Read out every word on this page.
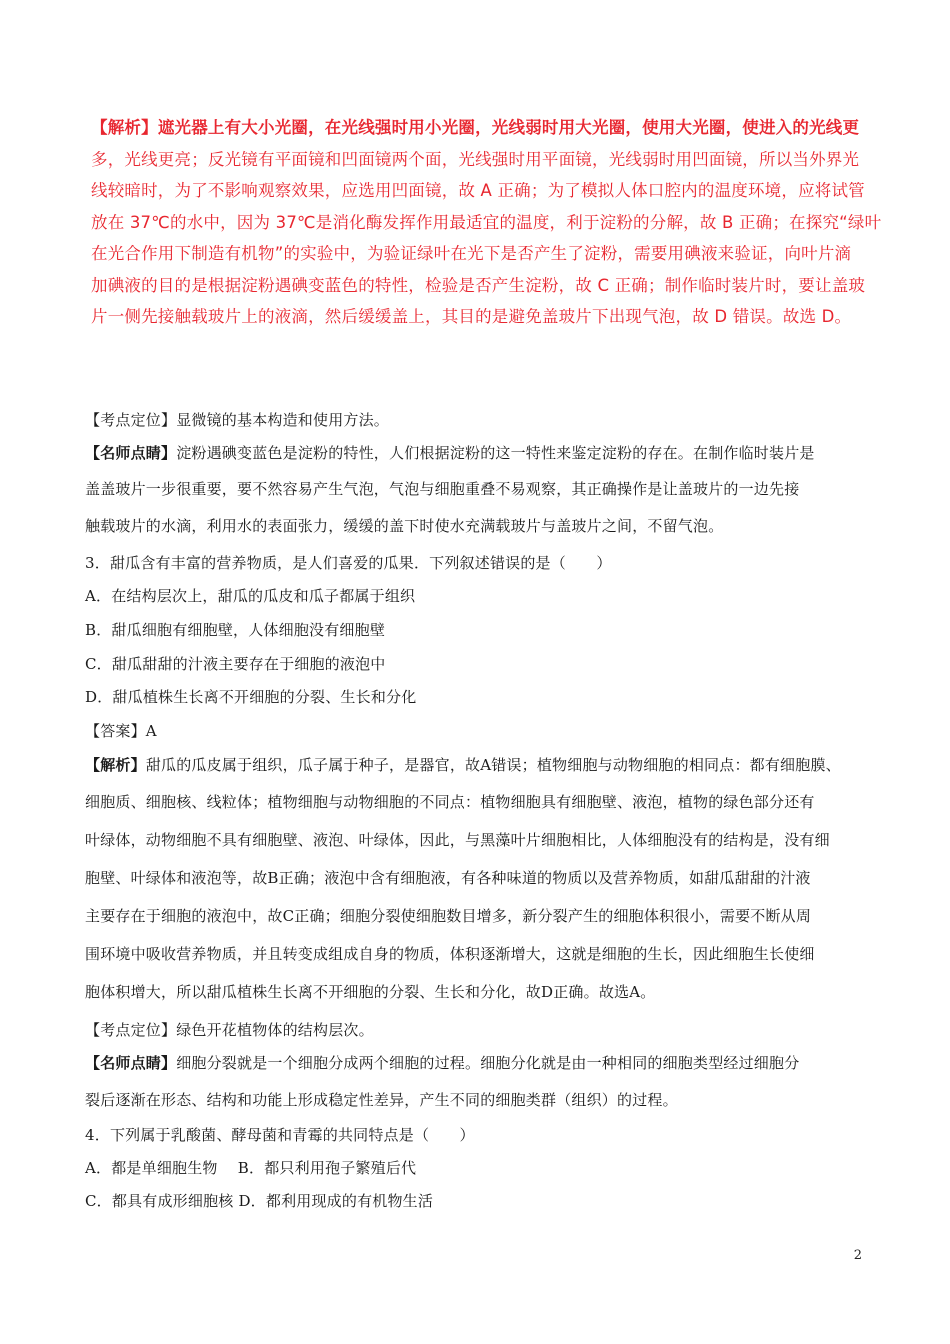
【解析】遮光器上有大小光圈，在光线强时用小光圈，光线弱时用大光圈，使用大光圈，使进入的光线更
多，光线更亮；反光镜有平面镜和凹面镜两个面，光线强时用平面镜，光线弱时用凹面镜，所以当外界光
线较暗时，为了不影响观察效果，应选用凹面镜，故 A 正确；为了模拟人体口腔内的温度环境，应将试管
放在 37℃的水中，因为 37℃是消化酶发挥作用最适宜的温度，利于淀粉的分解，故 B 正确；在探究“绿叶
在光合作用下制造有机物”的实验中，为验证绿叶在光下是否产生了淀粉，需要用碘液来验证，向叶片滴
加碘液的目的是根据淀粉遇碘变蓝色的特性，检验是否产生淀粉，故 C 正确；制作临时装片时，要让盖玻
片一侧先接触载玻片上的液滴，然后缓缓盖上，其目的是避免盖玻片下出现气泡，故 D 错误。故选 D。
【考点定位】显微镜的基本构造和使用方法。
【名师点睛】淀粉遇碘变蓝色是淀粉的特性，人们根据淀粉的这一特性来鉴定淀粉的存在。在制作临时装片是
盖盖玻片一步很重要，要不然容易产生气泡，气泡与细胞重叠不易观察，其正确操作是让盖玻片的一边先接
触载玻片的水滴，利用水的表面张力，缓缓的盖下时使水充满载玻片与盖玻片之间，不留气泡。
3．甜瓜含有丰富的营养物质，是人们喜爱的瓜果．下列叙述错误的是（　　）
A．在结构层次上，甜瓜的瓜皮和瓜子都属于组织
B．甜瓜细胞有细胞壁，人体细胞没有细胞壁
C．甜瓜甜甜的汁液主要存在于细胞的液泡中
D．甜瓜植株生长离不开细胞的分裂、生长和分化
【答案】A
【解析】甜瓜的瓜皮属于组织，瓜子属于种子，是器官，故A错误；植物细胞与动物细胞的相同点：都有细胞膜、
细胞质、细胞核、线粒体；植物细胞与动物细胞的不同点：植物细胞具有细胞壁、液泡，植物的绿色部分还有
叶绿体，动物细胞不具有细胞壁、液泡、叶绿体，因此，与黑藻叶片细胞相比，人体细胞没有的结构是，没有细
胞壁、叶绿体和液泡等，故B正确；液泡中含有细胞液，有各种味道的物质以及营养物质，如甜瓜甜甜的汁液
主要存在于细胞的液泡中，故C正确；细胞分裂使细胞数目增多，新分裂产生的细胞体积很小，需要不断从周
围环境中吸收营养物质，并且转变成组成自身的物质，体积逐渐增大，这就是细胞的生长，因此细胞生长使细
胞体积增大，所以甜瓜植株生长离不开细胞的分裂、生长和分化，故D正确。故选A。
【考点定位】绿色开花植物体的结构层次。
【名师点睛】细胞分裂就是一个细胞分成两个细胞的过程。细胞分化就是由一种相同的细胞类型经过细胞分
裂后逐渐在形态、结构和功能上形成稳定性差异，产生不同的细胞类群（组织）的过程。
4．下列属于乳酸菌、酵母菌和青霉的共同特点是（　　）
A．都是单细胞生物　 B．都只利用孢子繁殖后代
C．都具有成形细胞核 D．都利用现成的有机物生活
2
